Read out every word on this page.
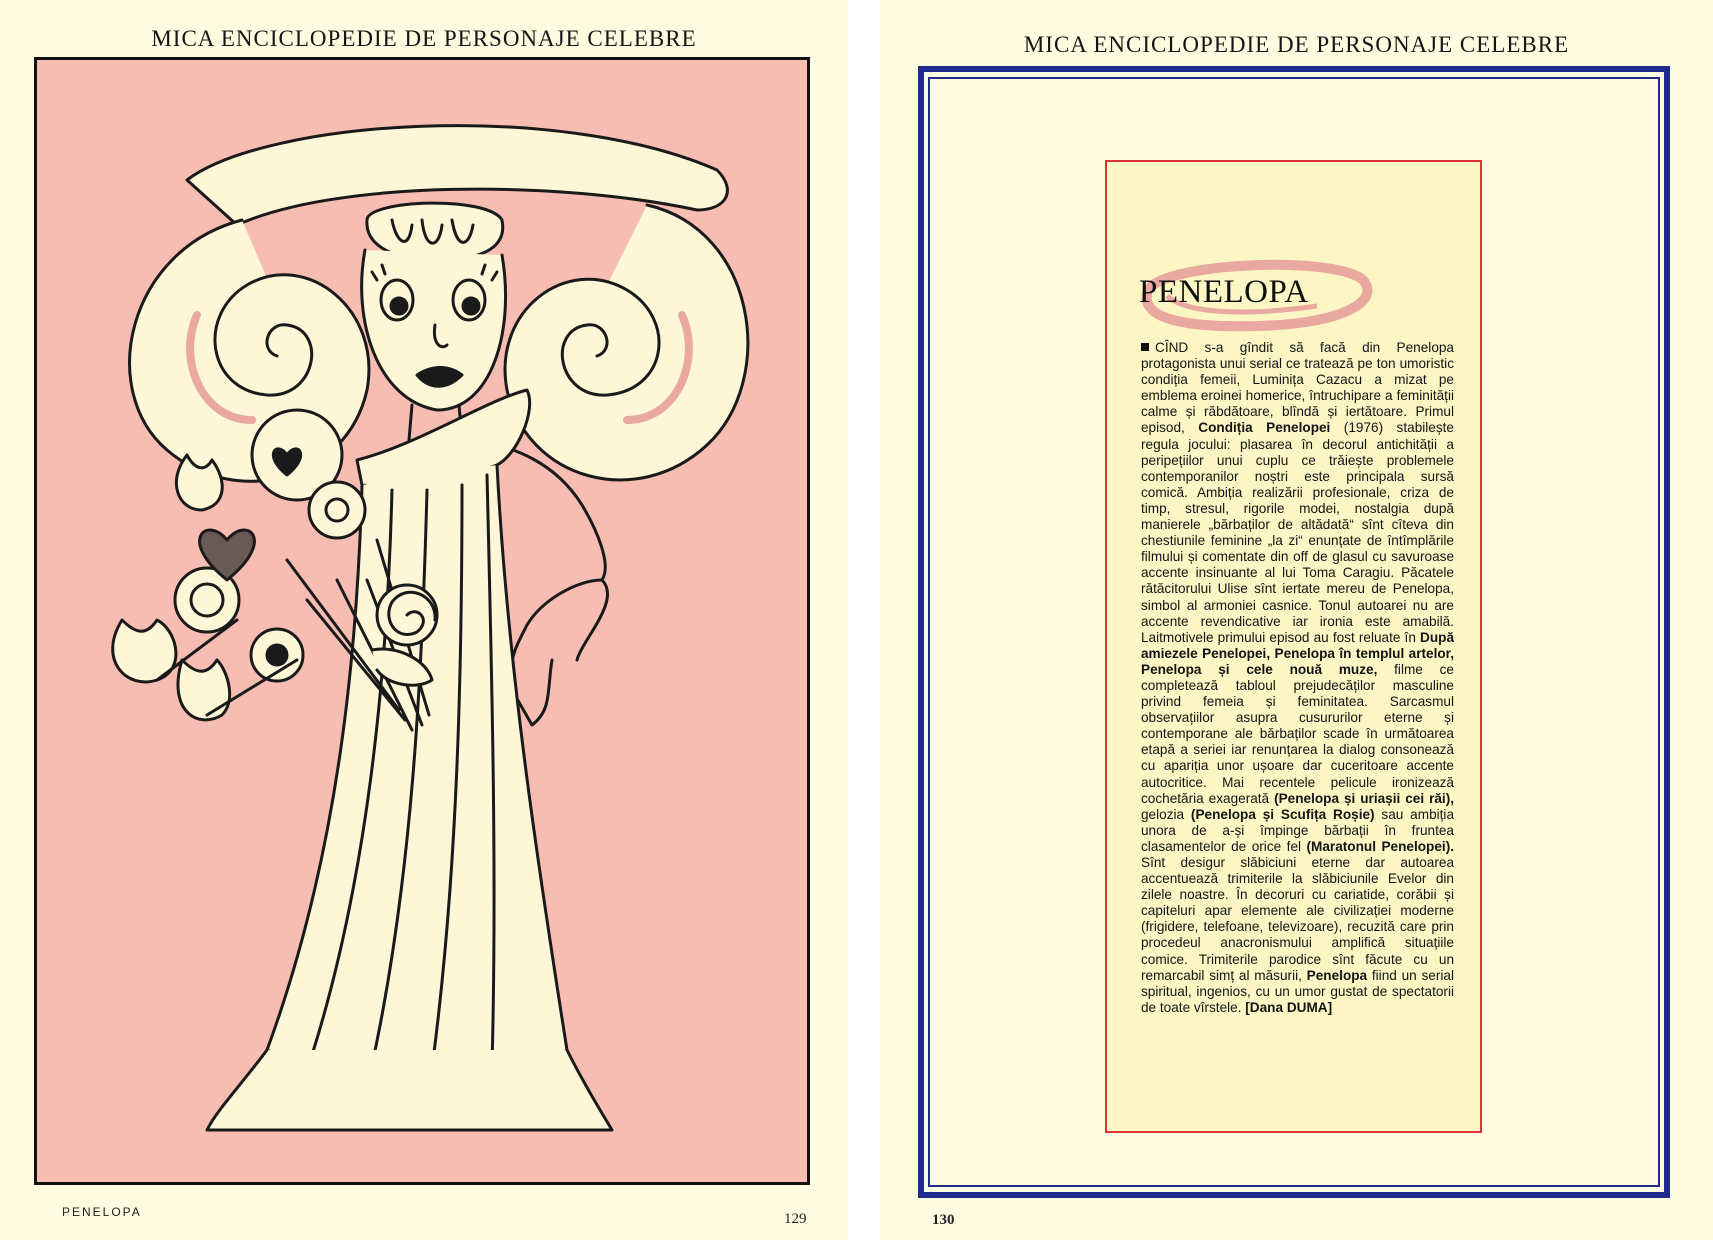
MICA ENCICLOPEDIE DE PERSONAJE CELEBRE
PENELOPA	129
MICA ENCICLOPEDIE DE PERSONAJE CELEBRE
PENELOPA

CÎND s-a gîndit să facă din Penelopa protagonista unui serial ce tratează pe ton umoristic condiția femeii, Luminița Cazacu a mizat pe emblema eroinei homerice, întruchipare a feminității calme și răbdătoare, blîndă și iertătoare. Primul episod, Condiția Penelopei (1976) stabilește regula jocului: plasarea în decorul antichității a peripețiilor unui cuplu ce trăiește problemele contemporanilor noștri este principala sursă comică. Ambiția realizării profesionale, criza de timp, stresul, rigorile modei, nostalgia după manierele „bărbaților de altădată“ sînt cîteva din chestiunile feminine „la zi“ enunțate de întîmplările filmului și comentate din off de glasul cu savuroase accente insinuante al lui Toma Caragiu. Păcatele rătăcitorului Ulise sînt iertate mereu de Penelopa, simbol al armoniei casnice. Tonul autoarei nu are accente revendicative iar ironia este amabilă. Laitmotivele primului episod au fost reluate în După amiezele Penelopei, Penelopa în templul artelor, Penelopa și cele nouă muze, filme ce completează tabloul prejudecăților masculine privind femeia și feminitatea. Sarcasmul observațiilor asupra cusururilor eterne și contemporane ale bărbaților scade în următoarea etapă a seriei iar renunțarea la dialog consonează cu apariția unor ușoare dar cuceritoare accente autocritice. Mai recentele pelicule ironizează cochetăria exagerată (Penelopa și uriașii cei răi), gelozia (Penelopa și Scufița Roșie) sau ambiția unora de a-și împinge bărbații în fruntea clasamentelor de orice fel (Maratonul Penelopei). Sînt desigur slăbiciuni eterne dar autoarea accentuează trimiterile la slăbiciunile Evelor din zilele noastre. În decoruri cu cariatide, corăbii și capiteluri apar elemente ale civilizației moderne (frigidere, telefoane, televizoare), recuzită care prin procedeul anacronismului amplifică situațiile comice. Trimiterile parodice sînt făcute cu un remarcabil simț al măsurii, Penelopa fiind un serial spiritual, ingenios, cu un umor gustat de spectatorii de toate vîrstele. [Dana DUMA]

130
